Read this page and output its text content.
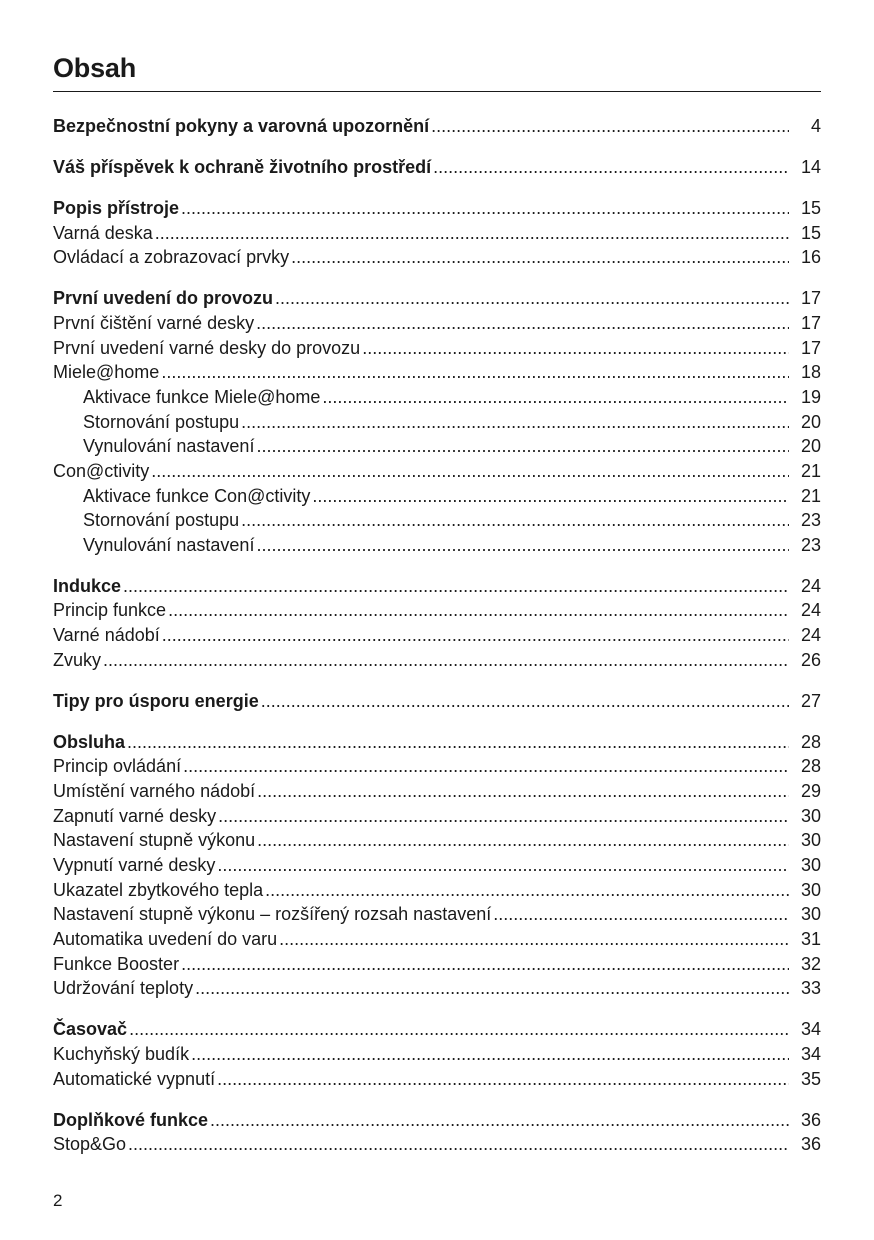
Obsah
Bezpečnostní pokyny a varovná upozornění .....	4
Váš příspěvek k ochraně životního prostředí .....	14
Popis přístroje .....	15
Varná deska .....	15
Ovládací a zobrazovací prvky .....	16
První uvedení do provozu .....	17
První čištění varné desky .....	17
První uvedení varné desky do provozu .....	17
Miele@home .....	18
Aktivace funkce Miele@home .....	19
Stornování postupu .....	20
Vynulování nastavení .....	20
Con@ctivity .....	21
Aktivace funkce Con@ctivity .....	21
Stornování postupu .....	23
Vynulování nastavení .....	23
Indukce .....	24
Princip funkce .....	24
Varné nádobí .....	24
Zvuky .....	26
Tipy pro úsporu energie .....	27
Obsluha .....	28
Princip ovládání .....	28
Umístění varného nádobí .....	29
Zapnutí varné desky .....	30
Nastavení stupně výkonu .....	30
Vypnutí varné desky .....	30
Ukazatel zbytkového tepla .....	30
Nastavení stupně výkonu – rozšířený rozsah nastavení .....	30
Automatika uvedení do varu .....	31
Funkce Booster .....	32
Udržování teploty .....	33
Časovač .....	34
Kuchyňský budík .....	34
Automatické vypnutí .....	35
Doplňkové funkce .....	36
Stop&Go .....	36
2
